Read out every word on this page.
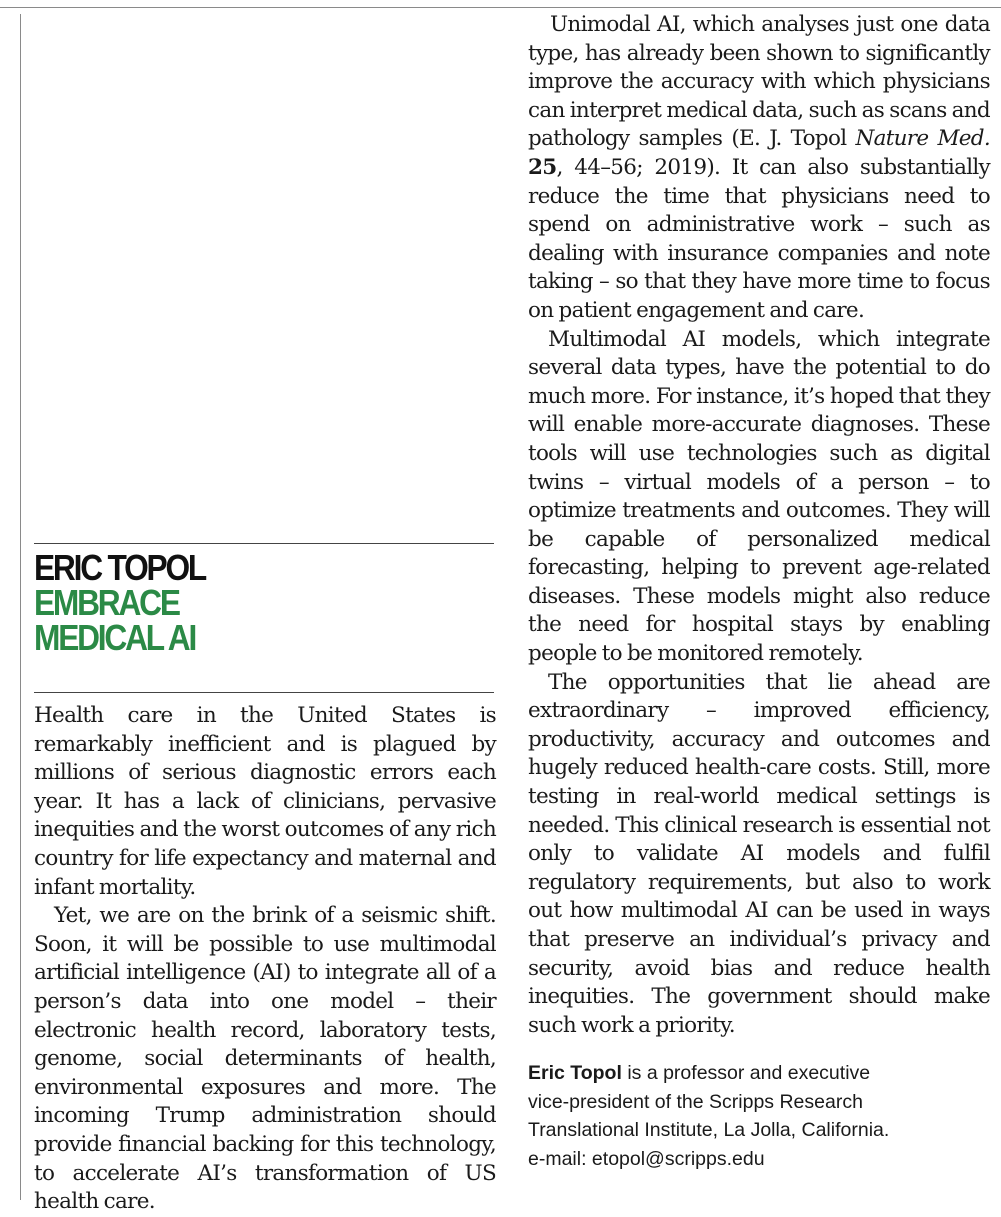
ERIC TOPOL
EMBRACE
MEDICAL AI

Health care in the United States is remarkably inefficient and is plagued by millions of serious diagnostic errors each year. It has a lack of clinicians, pervasive inequities and the worst outcomes of any rich country for life expectancy and maternal and infant mortality.

Yet, we are on the brink of a seismic shift. Soon, it will be possible to use multimodal artificial intelligence (AI) to integrate all of a person’s data into one model – their electronic health record, laboratory tests, genome, social determinants of health, environmental exposures and more. The incoming Trump administration should provide financial backing for this technology, to accelerate AI’s transformation of US health care.

Unimodal AI, which analyses just one data type, has already been shown to significantly improve the accuracy with which physicians can interpret medical data, such as scans and pathology samples (E. J. Topol Nature Med. 25, 44–56; 2019). It can also substantially reduce the time that physicians need to spend on administrative work – such as dealing with insurance companies and note taking – so that they have more time to focus on patient engagement and care.

Multimodal AI models, which integrate several data types, have the potential to do much more. For instance, it’s hoped that they will enable more-accurate diagnoses. These tools will use technologies such as digital twins – virtual models of a person – to optimize treatments and outcomes. They will be capable of personalized medical forecasting, helping to prevent age-related diseases. These models might also reduce the need for hospital stays by enabling people to be monitored remotely.

The opportunities that lie ahead are extraordinary – improved efficiency, productivity, accuracy and outcomes and hugely reduced health-care costs. Still, more testing in real-world medical settings is needed. This clinical research is essential not only to validate AI models and fulfil regulatory requirements, but also to work out how multimodal AI can be used in ways that preserve an individual’s privacy and security, avoid bias and reduce health inequities. The government should make such work a priority.

Eric Topol is a professor and executive

vice-president of the Scripps Research

Translational Institute, La Jolla, California.

e-mail: etopol@scripps.edu
